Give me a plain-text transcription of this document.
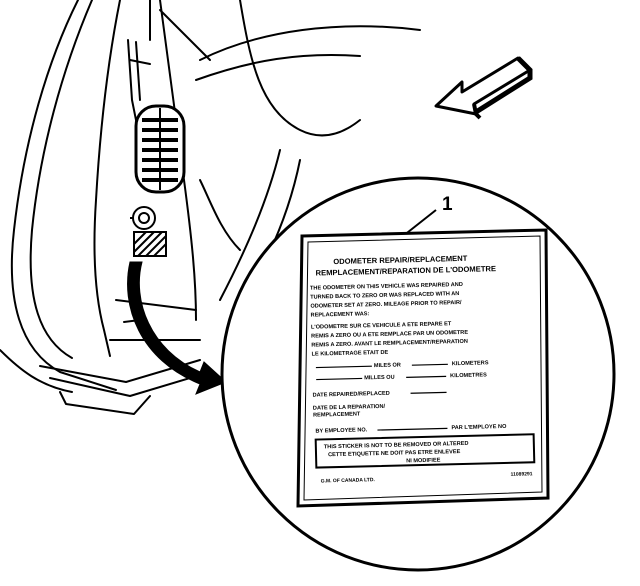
1
ODOMETER REPAIR/REPLACEMENT
REMPLACEMENT/REPARATION DE L'ODOMETRE
THE ODOMETER ON THIS VEHICLE WAS REPAIRED AND
TURNED BACK TO ZERO OR WAS REPLACED WITH AN
ODOMETER SET AT ZERO. MILEAGE PRIOR TO REPAIR/
REPLACEMENT WAS:
L'ODOMETRE SUR CE VEHICULE A ETE REPARE ET
REMIS A ZERO OU A ETE REMPLACE PAR UN ODOMETRE
REMIS A ZERO. AVANT LE REMPLACEMENT/REPARATION
LE KILOMETRAGE ETAIT DE
MILES OR	KILOMETERS
MILLES OU	KILOMETRES
DATE REPAIRED/REPLACED
DATE DE LA REPARATION/
REMPLACEMENT
BY EMPLOYEE NO.	PAR L'EMPLOYE NO
THIS STICKER IS NOT TO BE REMOVED OR ALTERED
CETTE ETIQUETTE NE DOIT PAS ETRE ENLEVEE
NI MODIFIEE
G.M. OF CANADA LTD.
11089291
